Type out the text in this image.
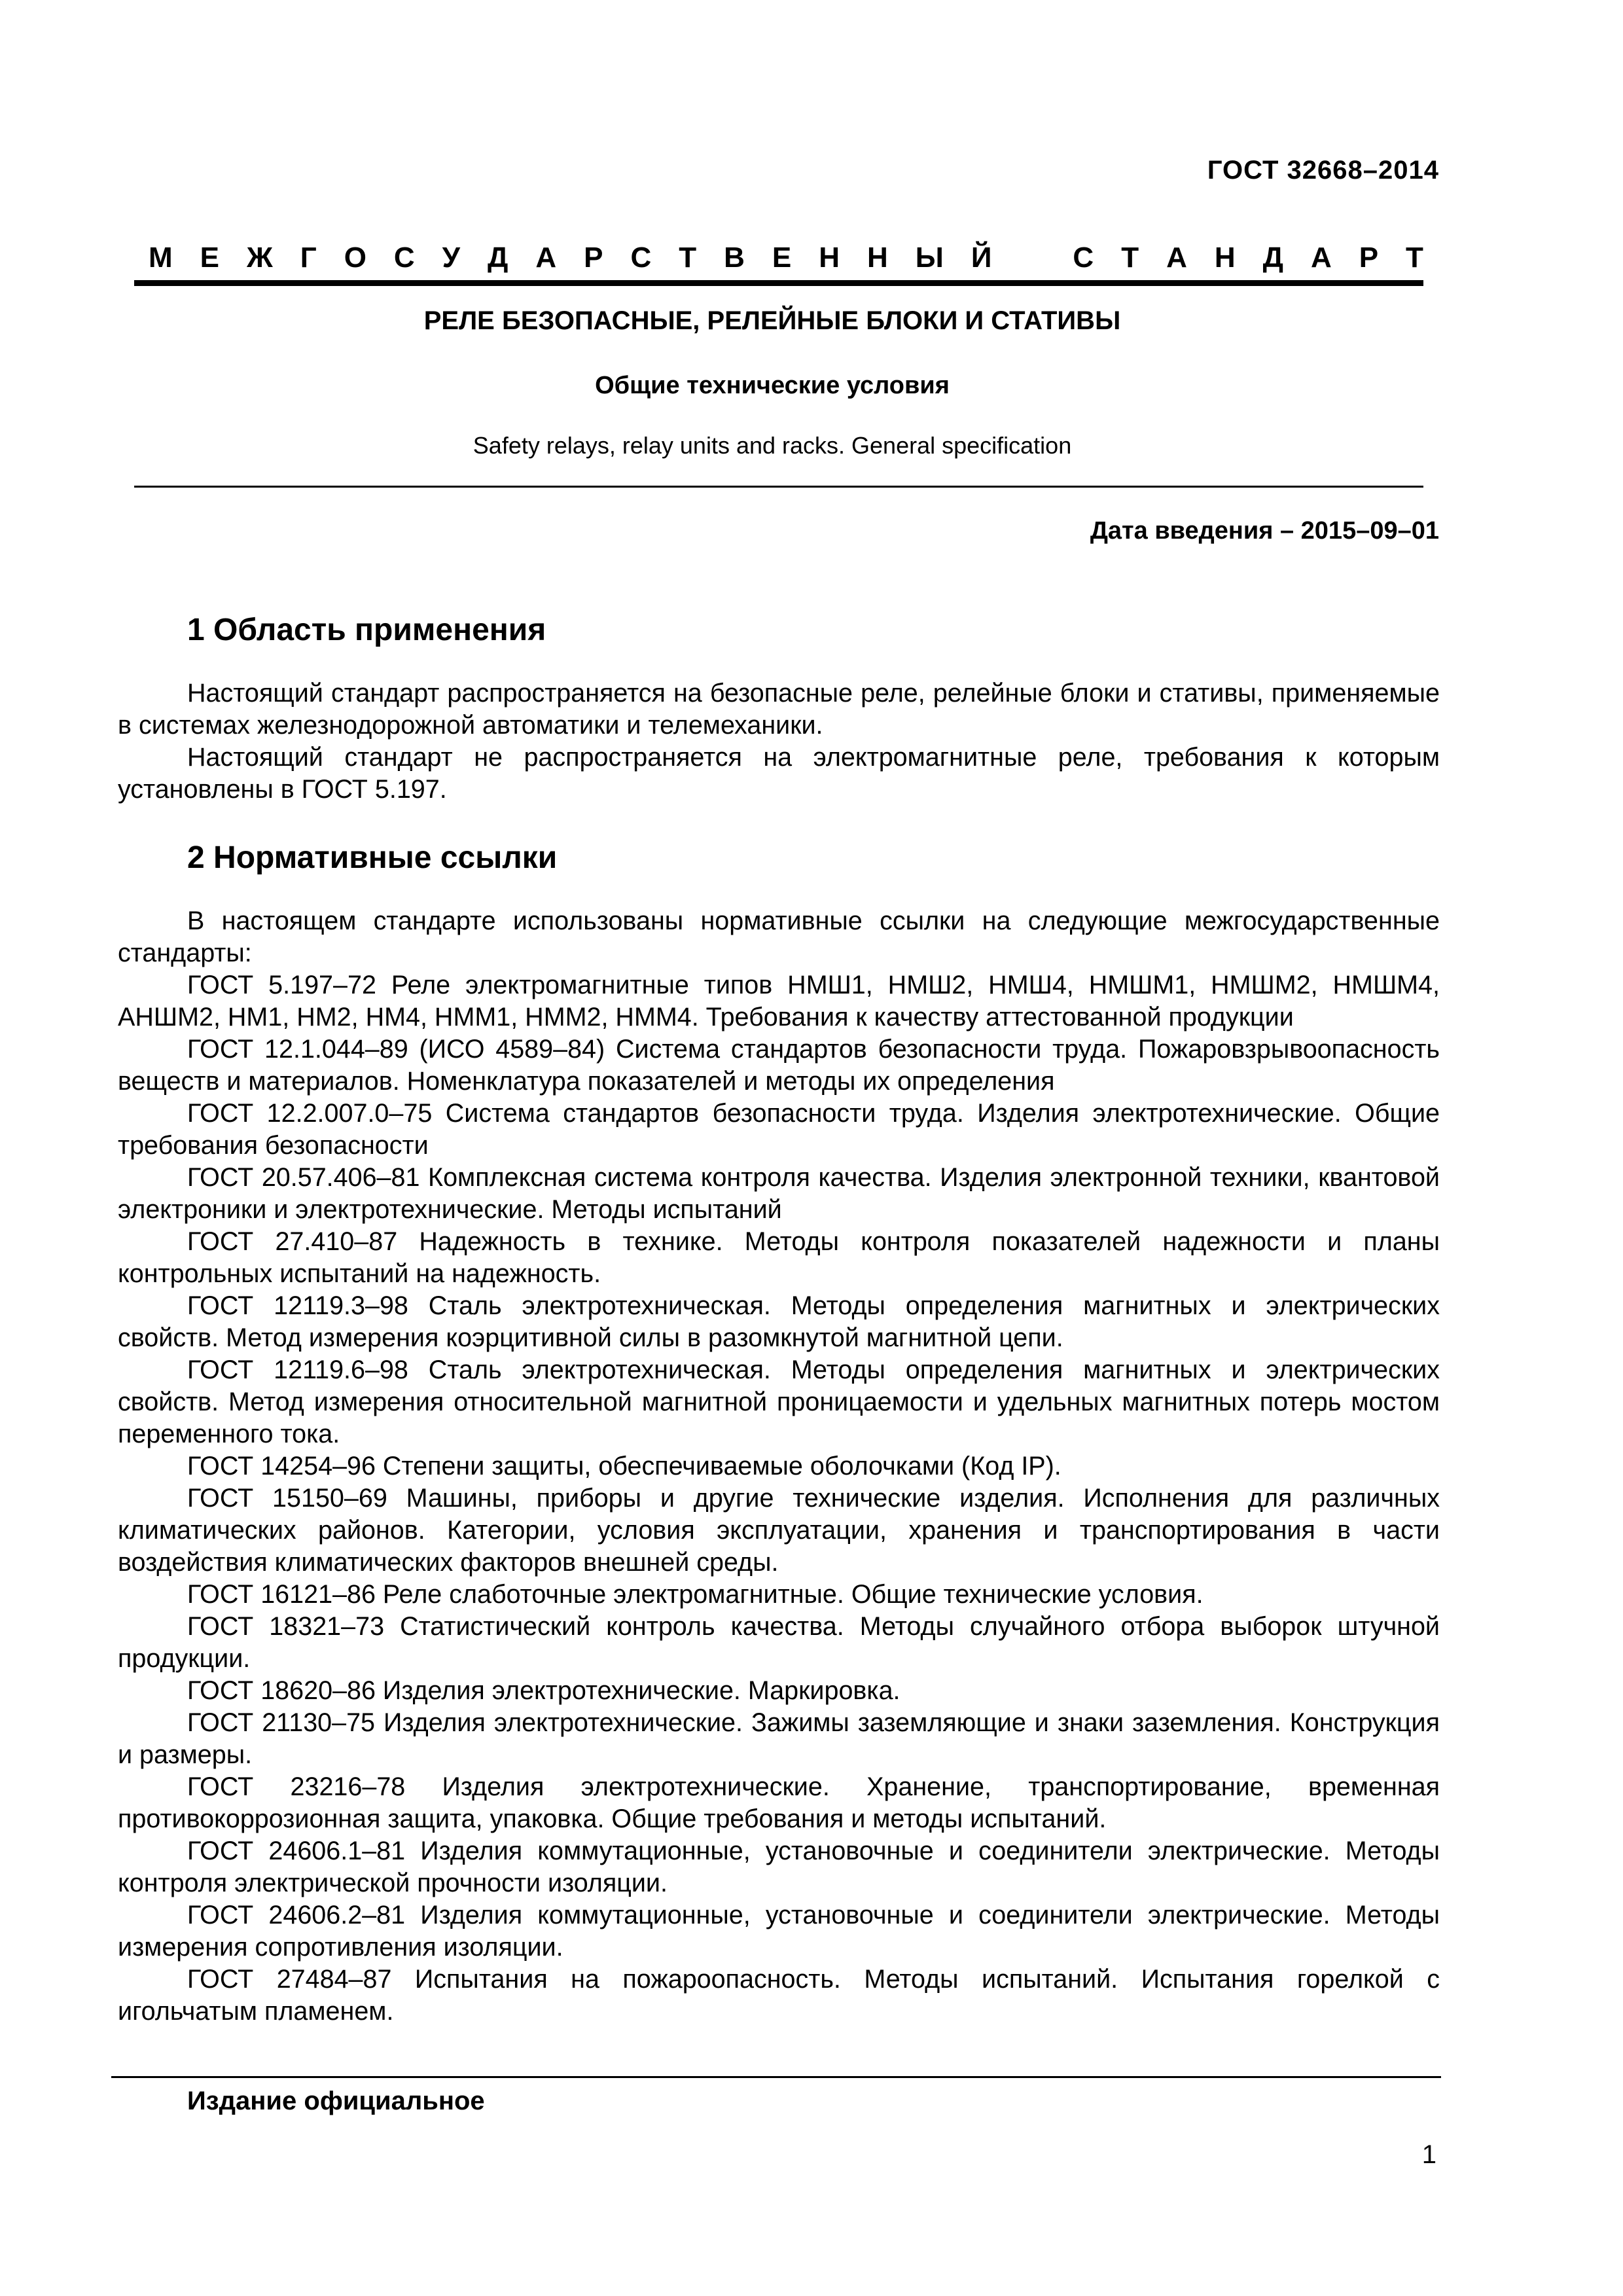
ГОСТ 32668–2014
М Е Ж Г О С У Д А Р С Т В Е Н Н Ы Й	С Т А Н Д А Р Т
РЕЛЕ БЕЗОПАСНЫЕ, РЕЛЕЙНЫЕ БЛОКИ И СТАТИВЫ
Общие технические условия
Safety relays, relay units and racks. General specification
Дата введения – 2015–09–01
1 Область применения

Настоящий стандарт распространяется на безопасные реле, релейные блоки и стативы, применяемые в системах железнодорожной автоматики и телемеханики.

Настоящий стандарт не распространяется на электромагнитные реле, требования к которым установлены в ГОСТ 5.197.

2 Нормативные ссылки

В настоящем стандарте использованы нормативные ссылки на следующие межгосударственные стандарты:

ГОСТ 5.197–72 Реле электромагнитные типов НМШ1, НМШ2, НМШ4, НМШМ1, НМШМ2, НМШМ4, АНШМ2, НМ1, НМ2, НМ4, НММ1, НММ2, НММ4. Требования к качеству аттестованной продукции

ГОСТ 12.1.044–89 (ИСО 4589–84) Система стандартов безопасности труда. Пожаровзрывоопасность веществ и материалов. Номенклатура показателей и методы их определения

ГОСТ 12.2.007.0–75 Система стандартов безопасности труда. Изделия электротехнические. Общие требования безопасности

ГОСТ 20.57.406–81 Комплексная система контроля качества. Изделия электронной техники, квантовой электроники и электротехнические. Методы испытаний

ГОСТ 27.410–87 Надежность в технике. Методы контроля показателей надежности и планы контрольных испытаний на надежность.

ГОСТ 12119.3–98 Сталь электротехническая. Методы определения магнитных и электрических свойств. Метод измерения коэрцитивной силы в разомкнутой магнитной цепи.

ГОСТ 12119.6–98 Сталь электротехническая. Методы определения магнитных и электрических свойств. Метод измерения относительной магнитной проницаемости и удельных магнитных потерь мостом переменного тока.

ГОСТ 14254–96 Степени защиты, обеспечиваемые оболочками (Код IP).

ГОСТ 15150–69 Машины, приборы и другие технические изделия. Исполнения для различных климатических районов. Категории, условия эксплуатации, хранения и транспортирования в части воздействия климатических факторов внешней среды.

ГОСТ 16121–86 Реле слаботочные электромагнитные. Общие технические условия.

ГОСТ 18321–73 Статистический контроль качества. Методы случайного отбора выборок штучной продукции.

ГОСТ 18620–86 Изделия электротехнические. Маркировка.

ГОСТ 21130–75 Изделия электротехнические. Зажимы заземляющие и знаки заземления. Конструкция и размеры.

ГОСТ 23216–78 Изделия электротехнические. Хранение, транспортирование, временная противокоррозионная защита, упаковка. Общие требования и методы испытаний.

ГОСТ 24606.1–81 Изделия коммутационные, установочные и соединители электрические. Методы контроля электрической прочности изоляции.

ГОСТ 24606.2–81 Изделия коммутационные, установочные и соединители электрические. Методы измерения сопротивления изоляции.

ГОСТ 27484–87 Испытания на пожароопасность. Методы испытаний. Испытания горелкой с игольчатым пламенем.

Издание официальное
1
